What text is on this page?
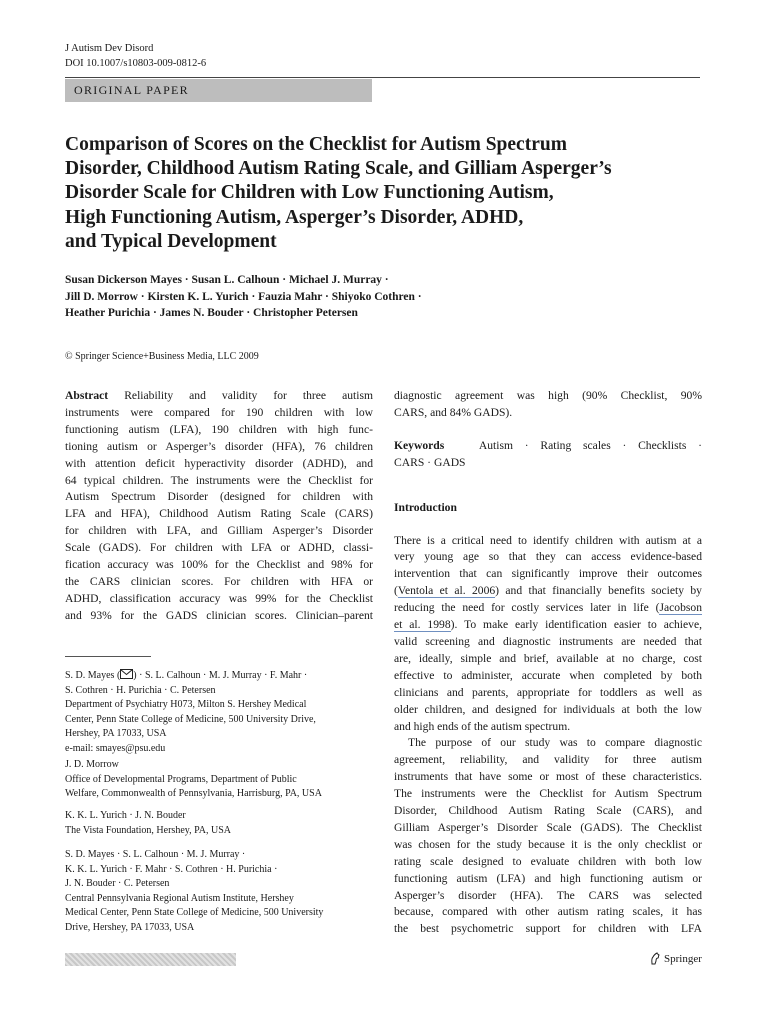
J Autism Dev Disord
DOI 10.1007/s10803-009-0812-6
ORIGINAL PAPER
Comparison of Scores on the Checklist for Autism Spectrum
Disorder, Childhood Autism Rating Scale, and Gilliam Asperger’s
Disorder Scale for Children with Low Functioning Autism,
High Functioning Autism, Asperger’s Disorder, ADHD,
and Typical Development
Susan Dickerson Mayes · Susan L. Calhoun · Michael J. Murray ·
Jill D. Morrow · Kirsten K. L. Yurich · Fauzia Mahr · Shiyoko Cothren ·
Heather Purichia · James N. Bouder · Christopher Petersen
© Springer Science+Business Media, LLC 2009
Abstract Reliability and validity for three autism
instruments were compared for 190 children with low
functioning autism (LFA), 190 children with high func-
tioning autism or Asperger’s disorder (HFA), 76 children
with attention deficit hyperactivity disorder (ADHD), and
64 typical children. The instruments were the Checklist for
Autism Spectrum Disorder (designed for children with
LFA and HFA), Childhood Autism Rating Scale (CARS)
for children with LFA, and Gilliam Asperger’s Disorder
Scale (GADS). For children with LFA or ADHD, classi-
fication accuracy was 100% for the Checklist and 98% for
the CARS clinician scores. For children with HFA or
ADHD, classification accuracy was 99% for the Checklist
and 93% for the GADS clinician scores. Clinician–parent
S. D. Mayes ( ) · S. L. Calhoun · M. J. Murray · F. Mahr ·
S. Cothren · H. Purichia · C. Petersen
Department of Psychiatry H073, Milton S. Hershey Medical
Center, Penn State College of Medicine, 500 University Drive,
Hershey, PA 17033, USA
e-mail: smayes@psu.edu
J. D. Morrow
Office of Developmental Programs, Department of Public
Welfare, Commonwealth of Pennsylvania, Harrisburg, PA, USA
K. K. L. Yurich · J. N. Bouder
The Vista Foundation, Hershey, PA, USA
S. D. Mayes · S. L. Calhoun · M. J. Murray ·
K. K. L. Yurich · F. Mahr · S. Cothren · H. Purichia ·
J. N. Bouder · C. Petersen
Central Pennsylvania Regional Autism Institute, Hershey
Medical Center, Penn State College of Medicine, 500 University
Drive, Hershey, PA 17033, USA
diagnostic agreement was high (90% Checklist, 90%
CARS, and 84% GADS).
Keywords	Autism · Rating scales · Checklists ·
CARS · GADS
Introduction
There is a critical need to identify children with autism at a
very young age so that they can access evidence-based
intervention that can significantly improve their outcomes
(Ventola et al. 2006) and that financially benefits society by
reducing the need for costly services later in life (Jacobson
et al. 1998). To make early identification easier to achieve,
valid screening and diagnostic instruments are needed that
are, ideally, simple and brief, available at no charge, cost
effective to administer, accurate when completed by both
clinicians and parents, appropriate for toddlers as well as
older children, and designed for individuals at both the low
and high ends of the autism spectrum.
The purpose of our study was to compare diagnostic
agreement, reliability, and validity for three autism
instruments that have some or most of these characteristics.
The instruments were the Checklist for Autism Spectrum
Disorder, Childhood Autism Rating Scale (CARS), and
Gilliam Asperger’s Disorder Scale (GADS). The Checklist
was chosen for the study because it is the only checklist or
rating scale designed to evaluate children with both low
functioning autism (LFA) and high functioning autism or
Asperger’s disorder (HFA). The CARS was selected
because, compared with other autism rating scales, it has
the best psychometric support for children with LFA
Springer
